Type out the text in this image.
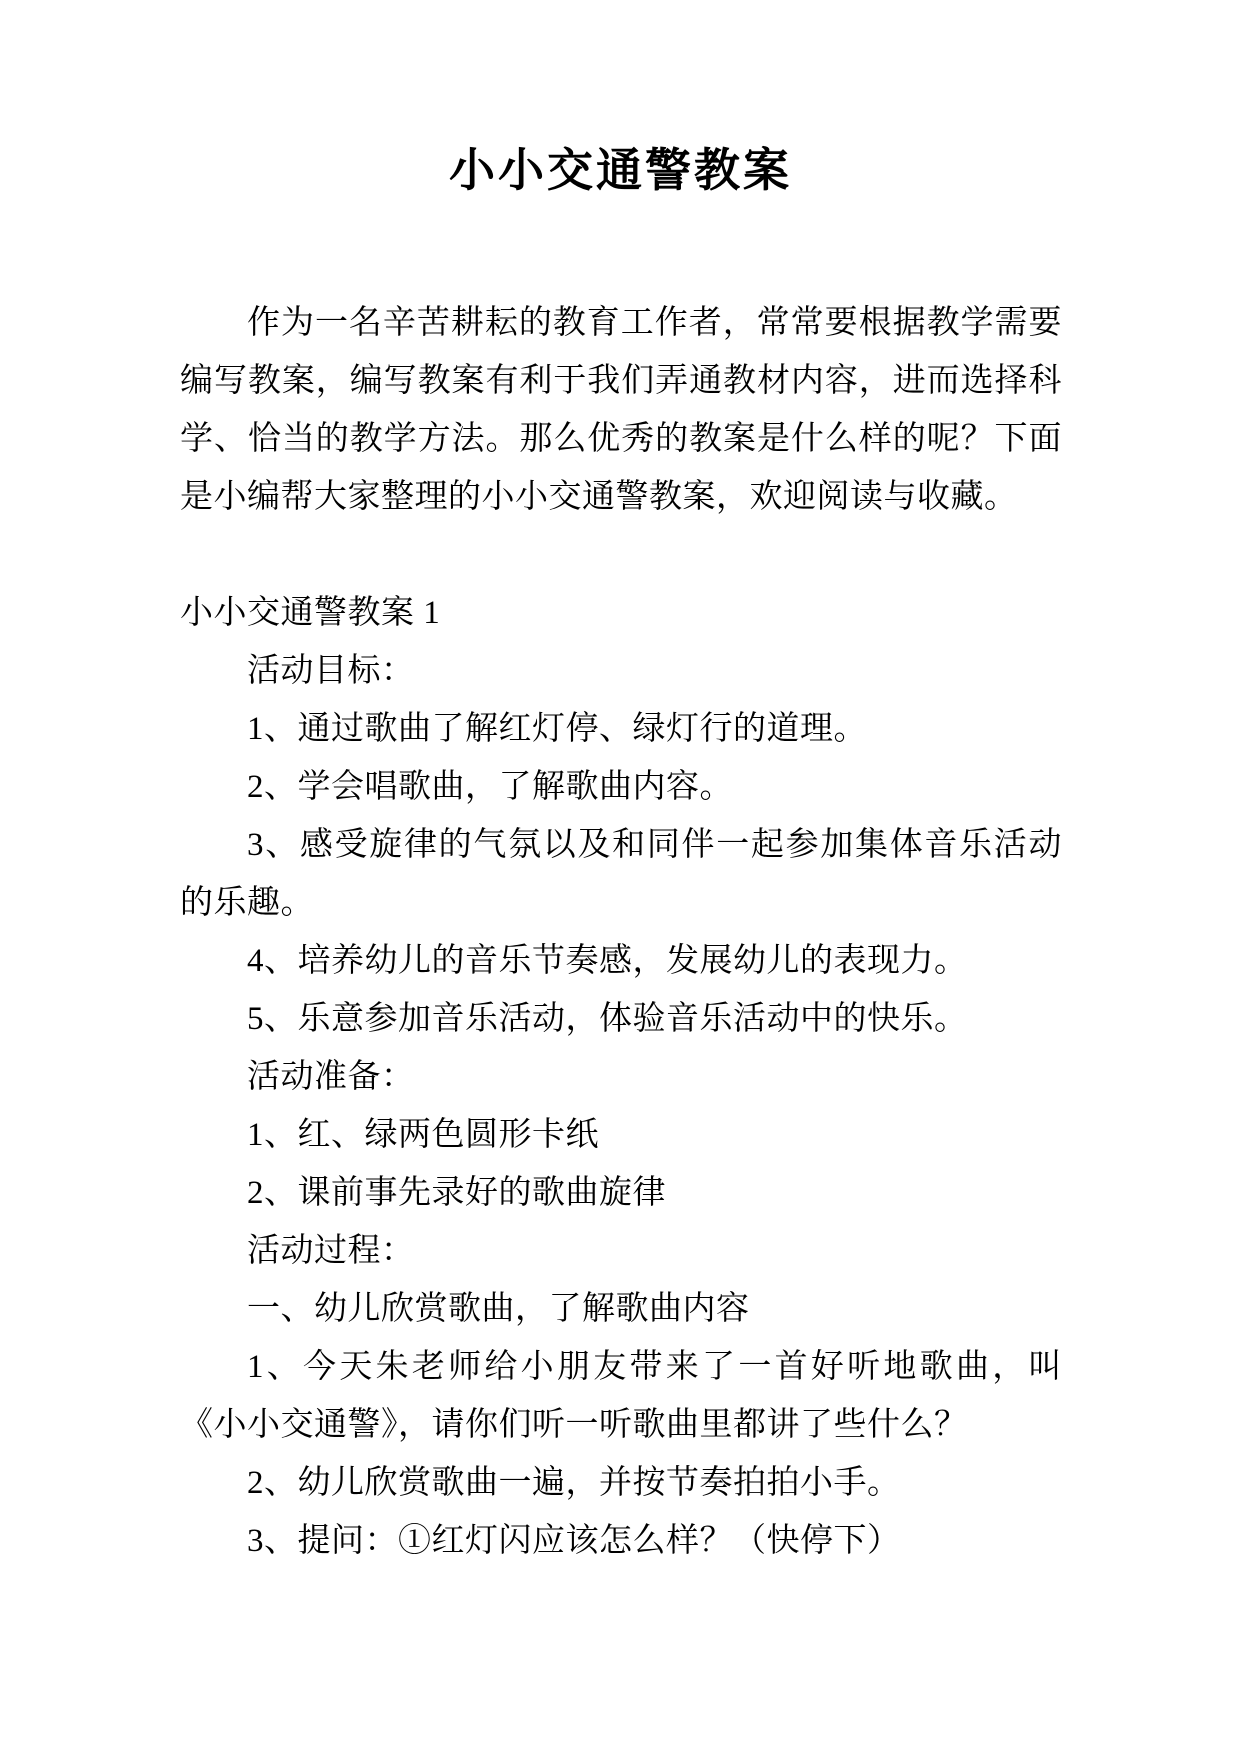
小小交通警教案

作为一名辛苦耕耘的教育工作者，常常要根据教学需要编写教案，编写教案有利于我们弄通教材内容，进而选择科学、恰当的教学方法。那么优秀的教案是什么样的呢？下面是小编帮大家整理的小小交通警教案，欢迎阅读与收藏。

小小交通警教案 1

活动目标：

1、通过歌曲了解红灯停、绿灯行的道理。

2、学会唱歌曲，了解歌曲内容。

3、感受旋律的气氛以及和同伴一起参加集体音乐活动的乐趣。

4、培养幼儿的音乐节奏感，发展幼儿的表现力。

5、乐意参加音乐活动，体验音乐活动中的快乐。

活动准备：

1、红、绿两色圆形卡纸

2、课前事先录好的歌曲旋律

活动过程：

一、幼儿欣赏歌曲，了解歌曲内容

1、今天朱老师给小朋友带来了一首好听地歌曲，叫《小小交通警》，请你们听一听歌曲里都讲了些什么？

2、幼儿欣赏歌曲一遍，并按节奏拍拍小手。

3、提问：①红灯闪应该怎么样？（快停下）
